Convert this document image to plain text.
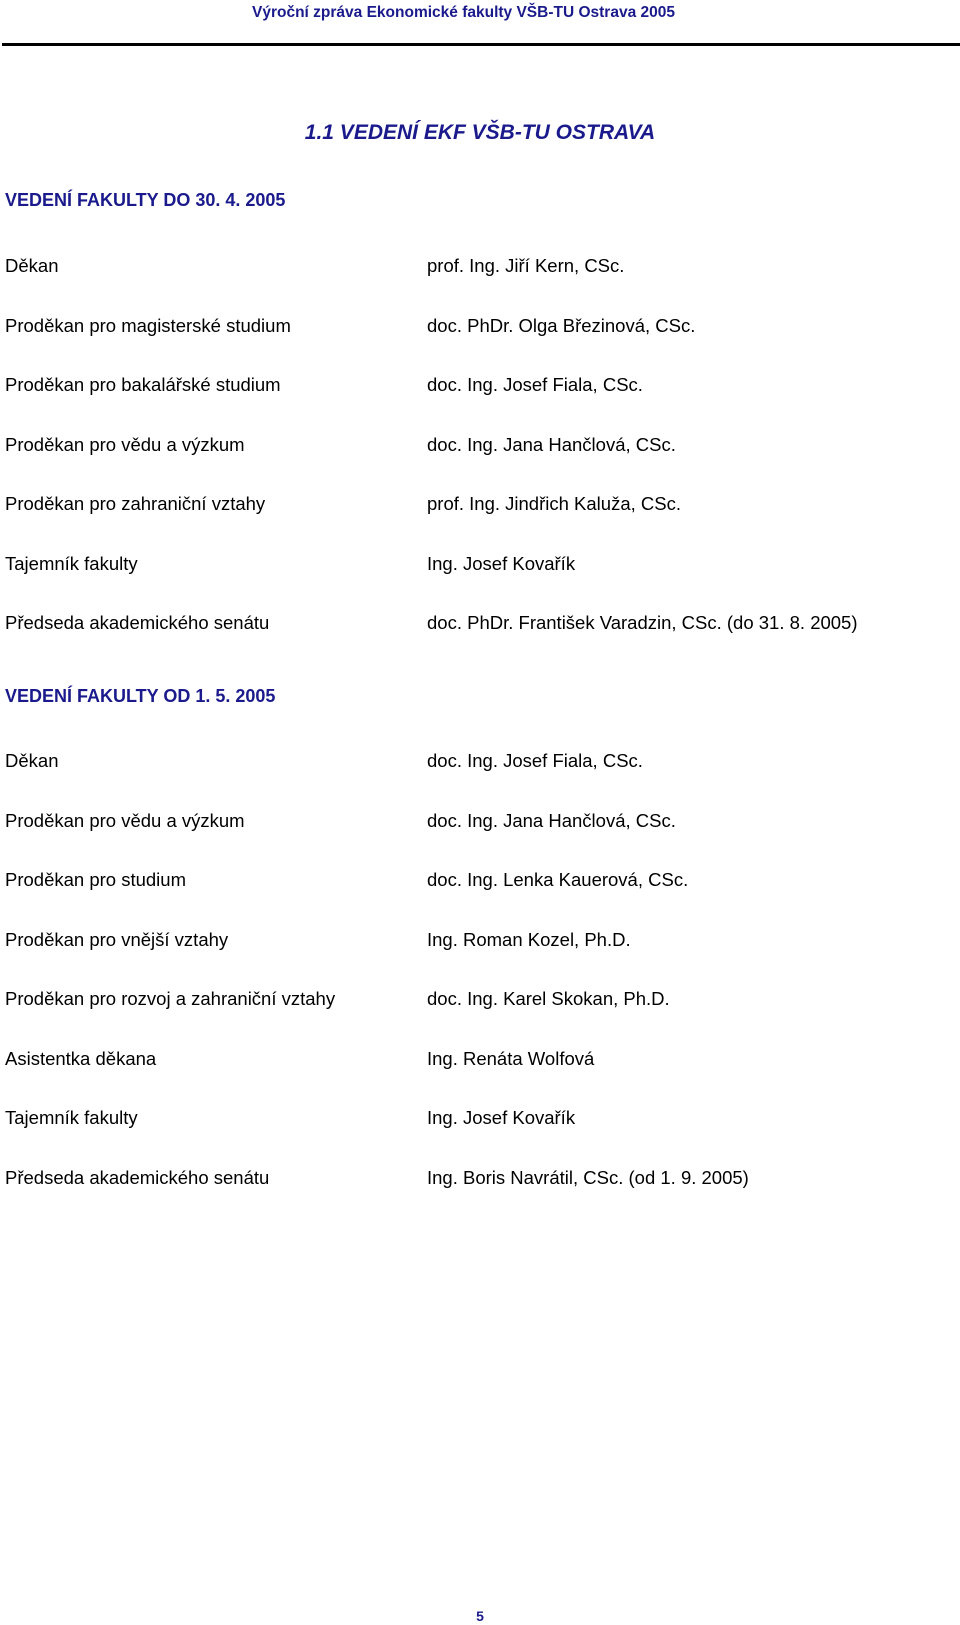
Výroční zpráva Ekonomické fakulty VŠB-TU Ostrava 2005
1.1 VEDENÍ EKF VŠB-TU OSTRAVA
VEDENÍ FAKULTY DO 30. 4. 2005
Děkan	prof. Ing. Jiří Kern, CSc.
Proděkan pro magisterské studium	doc. PhDr. Olga Březinová, CSc.
Proděkan pro bakalářské studium	doc. Ing. Josef Fiala, CSc.
Proděkan pro vědu a výzkum	doc. Ing. Jana Hančlová, CSc.
Proděkan pro zahraniční vztahy	prof. Ing. Jindřich Kaluža, CSc.
Tajemník fakulty	Ing. Josef Kovařík
Předseda akademického senátu	doc. PhDr. František Varadzin, CSc. (do 31. 8. 2005)
VEDENÍ FAKULTY OD 1. 5. 2005
Děkan	doc. Ing. Josef Fiala, CSc.
Proděkan pro vědu a výzkum	doc. Ing. Jana Hančlová, CSc.
Proděkan pro studium	doc. Ing. Lenka Kauerová, CSc.
Proděkan pro vnější vztahy	Ing. Roman Kozel, Ph.D.
Proděkan pro rozvoj a zahraniční vztahy	doc. Ing. Karel Skokan, Ph.D.
Asistentka děkana	Ing. Renáta Wolfová
Tajemník fakulty	Ing. Josef Kovařík
Předseda akademického senátu	Ing. Boris Navrátil, CSc. (od 1. 9. 2005)
5
